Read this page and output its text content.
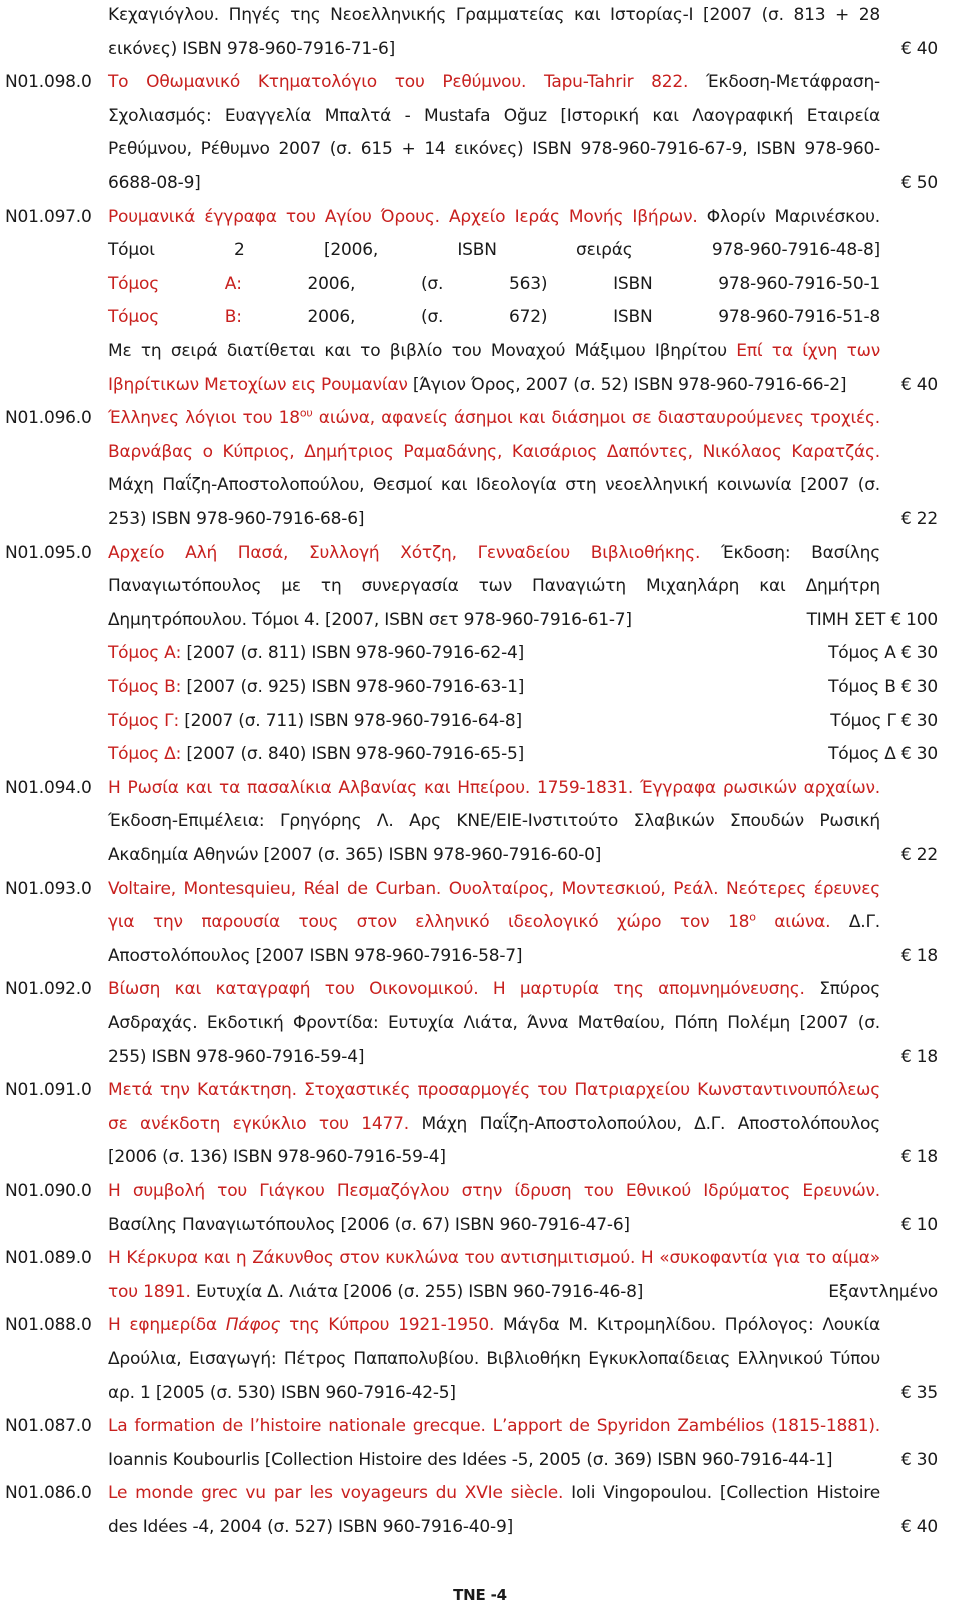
Κεχαγιόγλου. Πηγές της Νεοελληνικής Γραμματείας και Ιστορίας-Ι [2007 (σ. 813 + 28
εικόνες) ISBN 978-960-7916-71-6]	€ 40
N01.098.0 Το Οθωμανικό Κτηματολόγιο του Ρεθύμνου. Tapu-Tahrir 822. Έκδοση-Μετάφραση-
Σχολιασμός: Ευαγγελία Μπαλτά - Mustafa Oğuz [Ιστορική και Λαογραφική Εταιρεία
Ρεθύμνου, Ρέθυμνο 2007 (σ. 615 + 14 εικόνες) ISBN 978-960-7916-67-9, ISBN 978-960-
6688-08-9]	€ 50
N01.097.0 Ρουμανικά έγγραφα του Αγίου Όρους. Αρχείο Ιεράς Μονής Ιβήρων. Φλορίν Μαρινέσκου.
Τόμοι 2 [2006, ISBN σειράς 978-960-7916-48-8]
Τόμος Α: 2006, (σ. 563) ISBN 978-960-7916-50-1
Τόμος Β: 2006, (σ. 672) ISBN 978-960-7916-51-8
Με τη σειρά διατίθεται και το βιβλίο του Μοναχού Μάξιμου Ιβηρίτου Επί τα ίχνη των
Ιβηρίτικων Μετοχίων εις Ρουμανίαν [Άγιον Όρος, 2007 (σ. 52) ISBN 978-960-7916-66-2]	€ 40
N01.096.0 Έλληνες λόγιοι του $18^{o\upsilon}$ αιώνα, αφανείς άσημοι και διάσημοι σε διασταυρούμενες τροχιές.
Βαρνάβας ο Κύπριος, Δημήτριος Ραμαδάνης, Καισάριος Δαπόντες, Νικόλαος Καρατζάς.
Μάχη Παΐζη-Αποστολοπούλου, Θεσμοί και Ιδεολογία στη νεοελληνική κοινωνία [2007 (σ.
253) ISBN 978-960-7916-68-6]	€ 22
N01.095.0 Αρχείο Αλή Πασά, Συλλογή Χότζη, Γενναδείου Βιβλιοθήκης. Έκδοση: Βασίλης
Παναγιωτόπουλος με τη συνεργασία των Παναγιώτη Μιχαηλάρη και Δημήτρη
Δημητρόπουλου. Τόμοι 4. [2007, ISBN σετ 978-960-7916-61-7]	ΤΙΜΗ ΣΕΤ € 100
Τόμος Α: [2007 (σ. 811) ISBN 978-960-7916-62-4]	Τόμος Α € 30
Τόμος Β: [2007 (σ. 925) ISBN 978-960-7916-63-1]	Τόμος Β € 30
Τόμος Γ: [2007 (σ. 711) ISBN 978-960-7916-64-8]	Τόμος Γ € 30
Τόμος Δ: [2007 (σ. 840) ISBN 978-960-7916-65-5]	Τόμος Δ € 30
N01.094.0 Η Ρωσία και τα πασαλίκια Αλβανίας και Ηπείρου. 1759-1831. Έγγραφα ρωσικών αρχαίων.
Έκδοση-Επιμέλεια: Γρηγόρης Λ. Αρς ΚΝΕ/ΕΙΕ-Ινστιτούτο Σλαβικών Σπουδών Ρωσική
Ακαδημία Αθηνών [2007 (σ. 365) ISBN 978-960-7916-60-0]	€ 22
N01.093.0 Voltaire, Montesquieu, Réal de Curban. Ουολταίρος, Μοντεσκιού, Ρεάλ. Νεότερες έρευνες
για την παρουσία τους στον ελληνικό ιδεολογικό χώρο τον $18^o$ αιώνα. Δ.Γ.
Αποστολόπουλος [2007 ISBN 978-960-7916-58-7]	€ 18
N01.092.0 Βίωση και καταγραφή του Οικονομικού. Η μαρτυρία της απομνημόνευσης. Σπύρος
Ασδραχάς. Εκδοτική Φροντίδα: Ευτυχία Λιάτα, Άννα Ματθαίου, Πόπη Πολέμη [2007 (σ.
255) ISBN 978-960-7916-59-4]	€ 18
N01.091.0 Μετά την Κατάκτηση. Στοχαστικές προσαρμογές του Πατριαρχείου Κωνσταντινουπόλεως
σε ανέκδοτη εγκύκλιο του 1477. Μάχη Παΐζη-Αποστολοπούλου, Δ.Γ. Αποστολόπουλος
[2006 (σ. 136) ISBN 978-960-7916-59-4]	€ 18
N01.090.0 Η συμβολή του Γιάγκου Πεσμαζόγλου στην ίδρυση του Εθνικού Ιδρύματος Ερευνών.
Βασίλης Παναγιωτόπουλος [2006 (σ. 67) ISBN 960-7916-47-6]	€ 10
N01.089.0 Η Κέρκυρα και η Ζάκυνθος στον κυκλώνα του αντισημιτισμού. Η «συκοφαντία για το αίμα»
του 1891. Ευτυχία Δ. Λιάτα [2006 (σ. 255) ISBN 960-7916-46-8]	Εξαντλημένο
N01.088.0 Η εφημερίδα Πάφος της Κύπρου 1921-1950. Μάγδα Μ. Κιτρομηλίδου. Πρόλογος: Λουκία
Δρούλια, Εισαγωγή: Πέτρος Παπαπολυβίου. Βιβλιοθήκη Εγκυκλοπαίδειας Ελληνικού Τύπου
αρ. 1 [2005 (σ. 530) ISBN 960-7916-42-5]	€ 35
N01.087.0 La formation de l’histoire nationale grecque. L’apport de Spyridon Zambélios (1815-1881).
Ioannis Koubourlis [Collection Histoire des Idées -5, 2005 (σ. 369) ISBN 960-7916-44-1]	€ 30
N01.086.0 Le monde grec vu par les voyageurs du XVIe siècle. Ioli Vingopoulou. [Collection Histoire
des Idées -4, 2004 (σ. 527) ISBN 960-7916-40-9]	€ 40
ΤΝΕ -4
